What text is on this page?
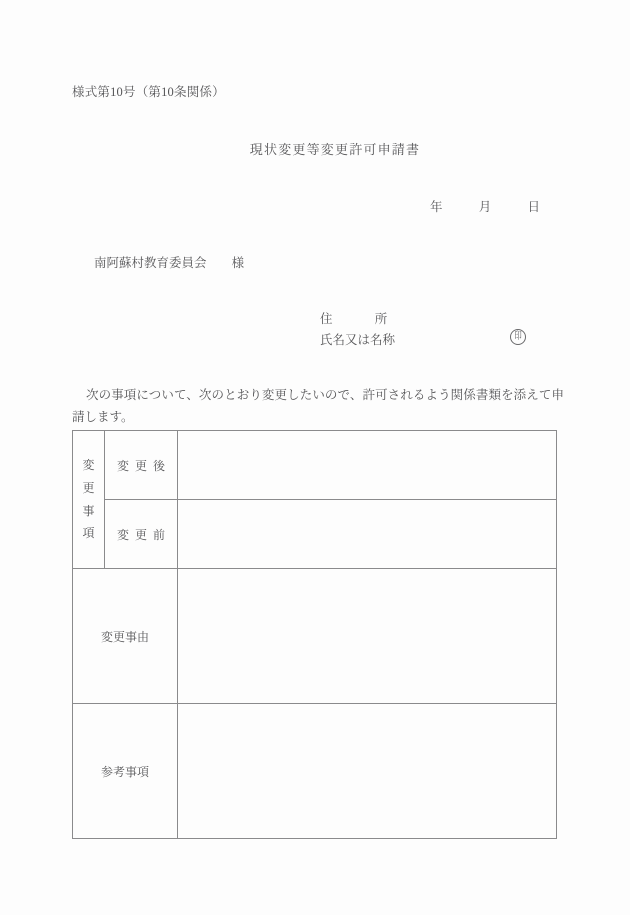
様式第10号（第10条関係）
現状変更等変更許可申請書
年	月	日
南阿蘇村教育委員会 様
住	所
氏名又は名称
印
次の事項について、次のとおり変更したいので、許可されるよう関係書類を添えて申請します。
変
更
事
項	変更後	
	変更前	
変更事由		
参考事項		
